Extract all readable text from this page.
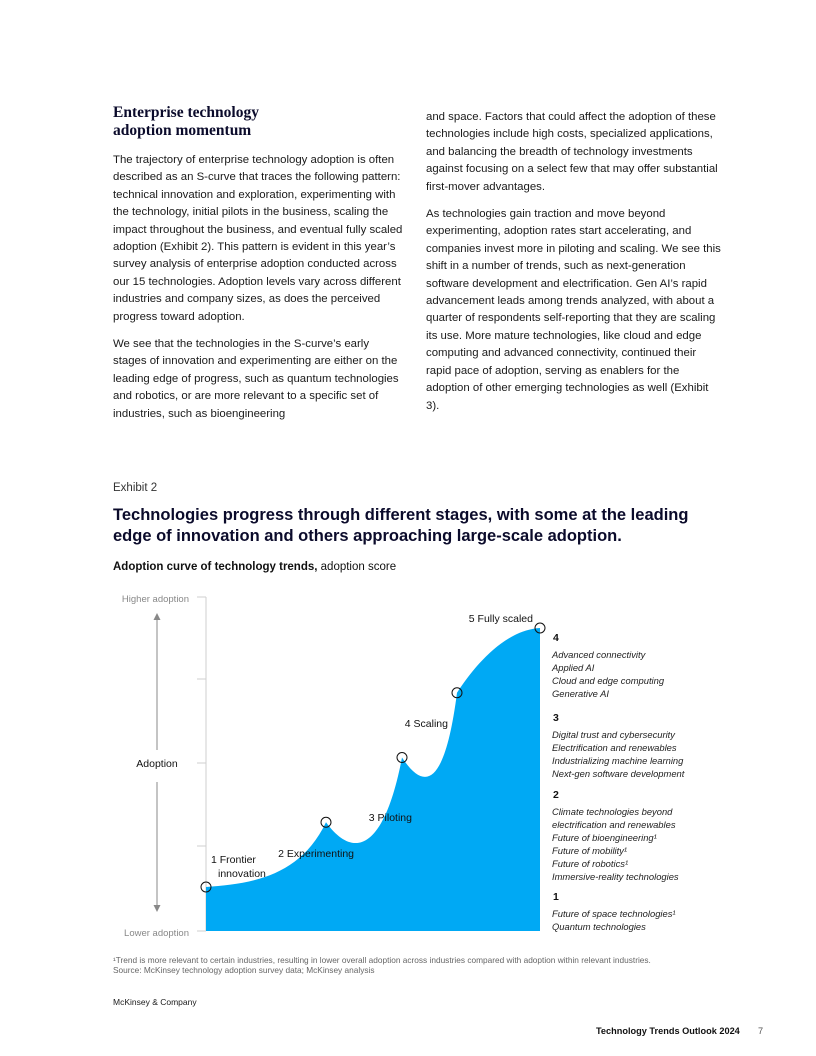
Enterprise technology
adoption momentum

The trajectory of enterprise technology adoption is often described as an S-curve that traces the following pattern: technical innovation and exploration, experimenting with the technology, initial pilots in the business, scaling the impact throughout the business, and eventual fully scaled adoption (Exhibit 2). This pattern is evident in this year’s survey analysis of enterprise adoption conducted across our 15 technologies. Adoption levels vary across different industries and company sizes, as does the perceived progress toward adoption.

We see that the technologies in the S-curve’s early stages of innovation and experimenting are either on the leading edge of progress, such as quantum technologies and robotics, or are more relevant to a specific set of industries, such as bioengineering

and space. Factors that could affect the adoption of these technologies include high costs, specialized applications, and balancing the breadth of technology investments against focusing on a select few that may offer substantial first-mover advantages.

As technologies gain traction and move beyond experimenting, adoption rates start accelerating, and companies invest more in piloting and scaling. We see this shift in a number of trends, such as next-generation software development and electrification. Gen AI’s rapid advancement leads among trends analyzed, with about a quarter of respondents self-reporting that they are scaling its use. More mature technologies, like cloud and edge computing and advanced connectivity, continued their rapid pace of adoption, serving as enablers for the adoption of other emerging technologies as well (Exhibit 3).

Exhibit 2
Technologies progress through different stages, with some at the leading edge of innovation and others approaching large-scale adoption.
Adoption curve of technology trends, adoption score
Higher adoption
Lower adoption
Adoption
1 Frontier
innovation
2 Experimenting
3 Piloting
4 Scaling
5 Fully scaled
4
Advanced connectivity
Applied AI
Cloud and edge computing
Generative AI
3
Digital trust and cybersecurity
Electrification and renewables
Industrializing machine learning
Next-gen software development
2
Climate technologies beyond
electrification and renewables
Future of bioengineering¹
Future of mobility¹
Future of robotics¹
Immersive-reality technologies
1
Future of space technologies¹
Quantum technologies
¹Trend is more relevant to certain industries, resulting in lower overall adoption across industries compared with adoption within relevant industries.
Source: McKinsey technology adoption survey data; McKinsey analysis
McKinsey & Company
Technology Trends Outlook 2024 7
